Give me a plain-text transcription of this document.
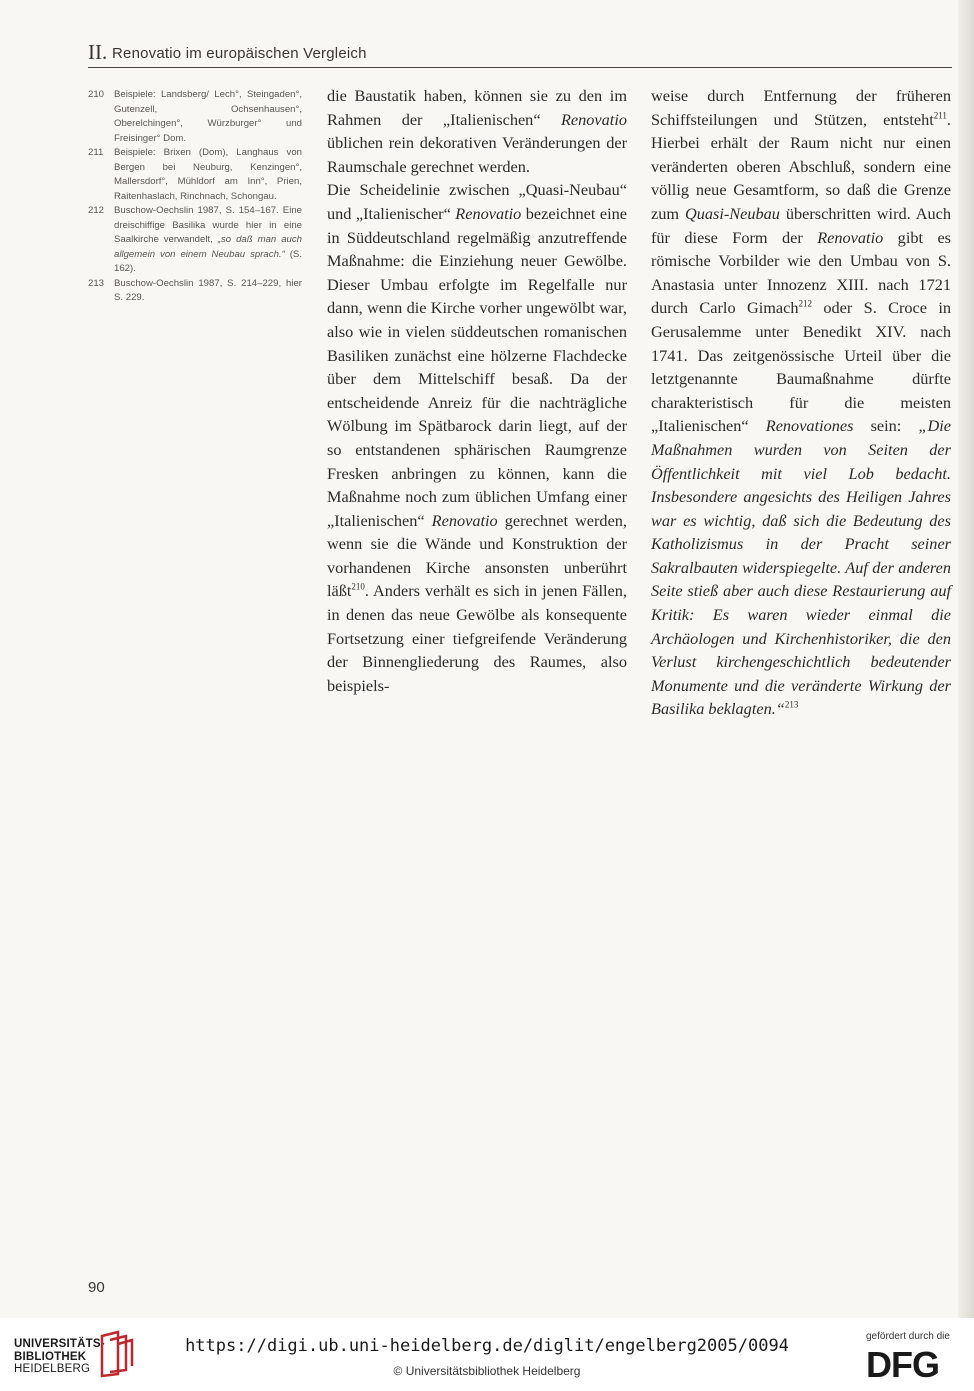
II. Renovatio im europäischen Vergleich
210	Beispiele: Landsberg/ Lech°, Steingaden°, Gutenzell, Ochsenhausen°, Oberelchingen°, Würzburger° und Freisinger° Dom.
211	Beispiele: Brixen (Dom), Langhaus von Bergen bei Neuburg, Kenzingen°, Mallersdorf°, Mühldorf am Inn°, Prien, Raitenhaslach, Rinchnach, Schongau.
212	Buschow-Oechslin 1987, S. 154–167. Eine dreischiffige Basilika wurde hier in eine Saalkirche verwandelt, „so daß man auch allgemein von einem Neubau sprach.“ (S. 162).
213	Buschow-Oechslin 1987, S. 214–229, hier S. 229.

die Baustatik haben, können sie zu den im Rahmen der „Italienischen“ Renovatio üblichen rein dekorativen Veränderungen der Raumschale gerechnet werden.

Die Scheidelinie zwischen „Quasi-Neubau“ und „Italienischer“ Renovatio bezeichnet eine in Süddeutschland regelmäßig anzutreffende Maßnahme: die Einziehung neuer Gewölbe. Dieser Umbau erfolgte im Regelfalle nur dann, wenn die Kirche vorher ungewölbt war, also wie in vielen süddeutschen romanischen Basiliken zunächst eine hölzerne Flachdecke über dem Mittelschiff besaß. Da der entscheidende Anreiz für die nachträgliche Wölbung im Spätbarock darin liegt, auf der so entstandenen sphärischen Raumgrenze Fresken anbringen zu können, kann die Maßnahme noch zum üblichen Umfang einer „Italienischen“ Renovatio gerechnet werden, wenn sie die Wände und Konstruktion der vorhandenen Kirche ansonsten unberührt läßt$^{210}$. Anders verhält es sich in jenen Fällen, in denen das neue Gewölbe als konsequente Fortsetzung einer tiefgreifende Veränderung der Binnengliederung des Raumes, also beispiels-

weise durch Entfernung der früheren Schiffsteilungen und Stützen, entsteht$^{211}$. Hierbei erhält der Raum nicht nur einen veränderten oberen Abschluß, sondern eine völlig neue Gesamtform, so daß die Grenze zum Quasi-Neubau überschritten wird. Auch für diese Form der Renovatio gibt es römische Vorbilder wie den Umbau von S. Anastasia unter Innozenz XIII. nach 1721 durch Carlo Gimach$^{212}$ oder S. Croce in Gerusalemme unter Benedikt XIV. nach 1741. Das zeitgenössische Urteil über die letztgenannte Baumaßnahme dürfte charakteristisch für die meisten „Italienischen“ Renovationes sein: „Die Maßnahmen wurden von Seiten der Öffentlichkeit mit viel Lob bedacht. Insbesondere angesichts des Heiligen Jahres war es wichtig, daß sich die Bedeutung des Katholizismus in der Pracht seiner Sakralbauten widerspiegelte. Auf der anderen Seite stieß aber auch diese Restaurierung auf Kritik: Es waren wieder einmal die Archäologen und Kirchenhistoriker, die den Verlust kirchengeschichtlich bedeutender Monumente und die veränderte Wirkung der Basilika beklagten.“$^{213}$

90
UNIVERSITÄTS-
BIBLIOTHEK
HEIDELBERG
https://digi.ub.uni-heidelberg.de/diglit/engelberg2005/0094
© Universitätsbibliothek Heidelberg
gefördert durch die
DFG
